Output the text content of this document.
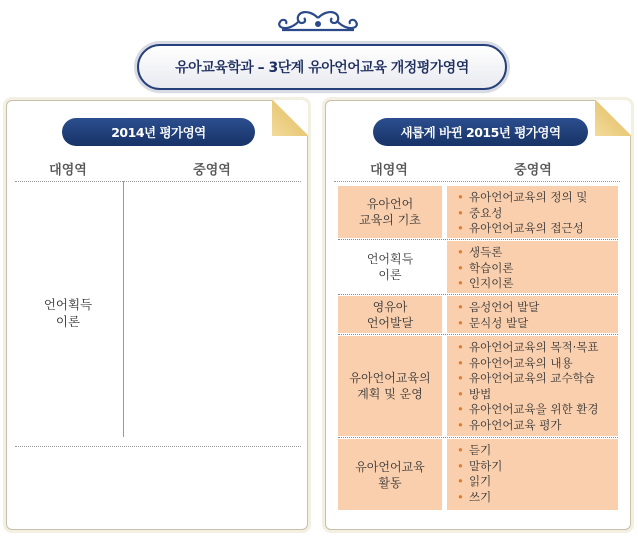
유아교육학과 – 3단계 유아언어교육 개정평가영역
2014년 평가영역
대영역	중영역
언어획득
이론
새롭게 바뀐 2015년 평가영역
대영역	중영역
유아언어
교육의 기초
• 유아언어교육의 정의 및
• 중요성
• 유아언어교육의 접근성
언어획득
이론
• 생득론
• 학습이론
• 인지이론
영유아
언어발달
• 음성언어 발달
• 문식성 발달
유아언어교육의
계획 및 운영
• 유아언어교육의 목적·목표
• 유아언어교육의 내용
• 유아언어교육의 교수학습
• 방법
• 유아언어교육을 위한 환경
• 유아언어교육 평가
유아언어교육
활동
• 듣기
• 말하기
• 읽기
• 쓰기
